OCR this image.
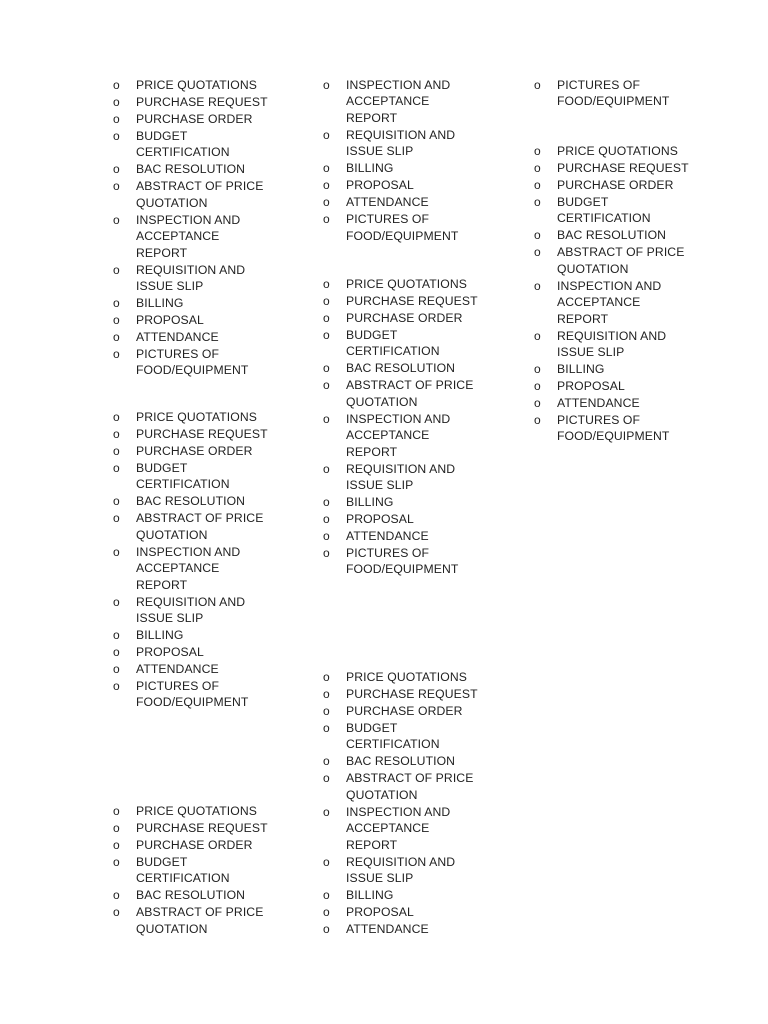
o PRICE QUOTATIONS
o PURCHASE REQUEST
o PURCHASE ORDER
o BUDGET
CERTIFICATION
o BAC RESOLUTION
o ABSTRACT OF PRICE
QUOTATION
o INSPECTION AND
ACCEPTANCE
REPORT
o REQUISITION AND
ISSUE SLIP
o BILLING
o PROPOSAL
o ATTENDANCE
o PICTURES OF
FOOD/EQUIPMENT
o PRICE QUOTATIONS
o PURCHASE REQUEST
o PURCHASE ORDER
o BUDGET
CERTIFICATION
o BAC RESOLUTION
o ABSTRACT OF PRICE
QUOTATION
o INSPECTION AND
ACCEPTANCE
REPORT
o REQUISITION AND
ISSUE SLIP
o BILLING
o PROPOSAL
o ATTENDANCE
o PICTURES OF
FOOD/EQUIPMENT
o PRICE QUOTATIONS
o PURCHASE REQUEST
o PURCHASE ORDER
o BUDGET
CERTIFICATION
o BAC RESOLUTION
o ABSTRACT OF PRICE
QUOTATION
o INSPECTION AND
ACCEPTANCE
REPORT
o REQUISITION AND
ISSUE SLIP
o BILLING
o PROPOSAL
o ATTENDANCE
o PICTURES OF
FOOD/EQUIPMENT
o PRICE QUOTATIONS
o PURCHASE REQUEST
o PURCHASE ORDER
o BUDGET
CERTIFICATION
o BAC RESOLUTION
o ABSTRACT OF PRICE
QUOTATION
o INSPECTION AND
ACCEPTANCE
REPORT
o REQUISITION AND
ISSUE SLIP
o BILLING
o PROPOSAL
o ATTENDANCE
o PICTURES OF
FOOD/EQUIPMENT
o PRICE QUOTATIONS
o PURCHASE REQUEST
o PURCHASE ORDER
o BUDGET
CERTIFICATION
o BAC RESOLUTION
o ABSTRACT OF PRICE
QUOTATION
o INSPECTION AND
ACCEPTANCE
REPORT
o REQUISITION AND
ISSUE SLIP
o BILLING
o PROPOSAL
o ATTENDANCE
o PICTURES OF
FOOD/EQUIPMENT
o PRICE QUOTATIONS
o PURCHASE REQUEST
o PURCHASE ORDER
o BUDGET
CERTIFICATION
o BAC RESOLUTION
o ABSTRACT OF PRICE
QUOTATION
o INSPECTION AND
ACCEPTANCE
REPORT
o REQUISITION AND
ISSUE SLIP
o BILLING
o PROPOSAL
o ATTENDANCE
o PICTURES OF
FOOD/EQUIPMENT
